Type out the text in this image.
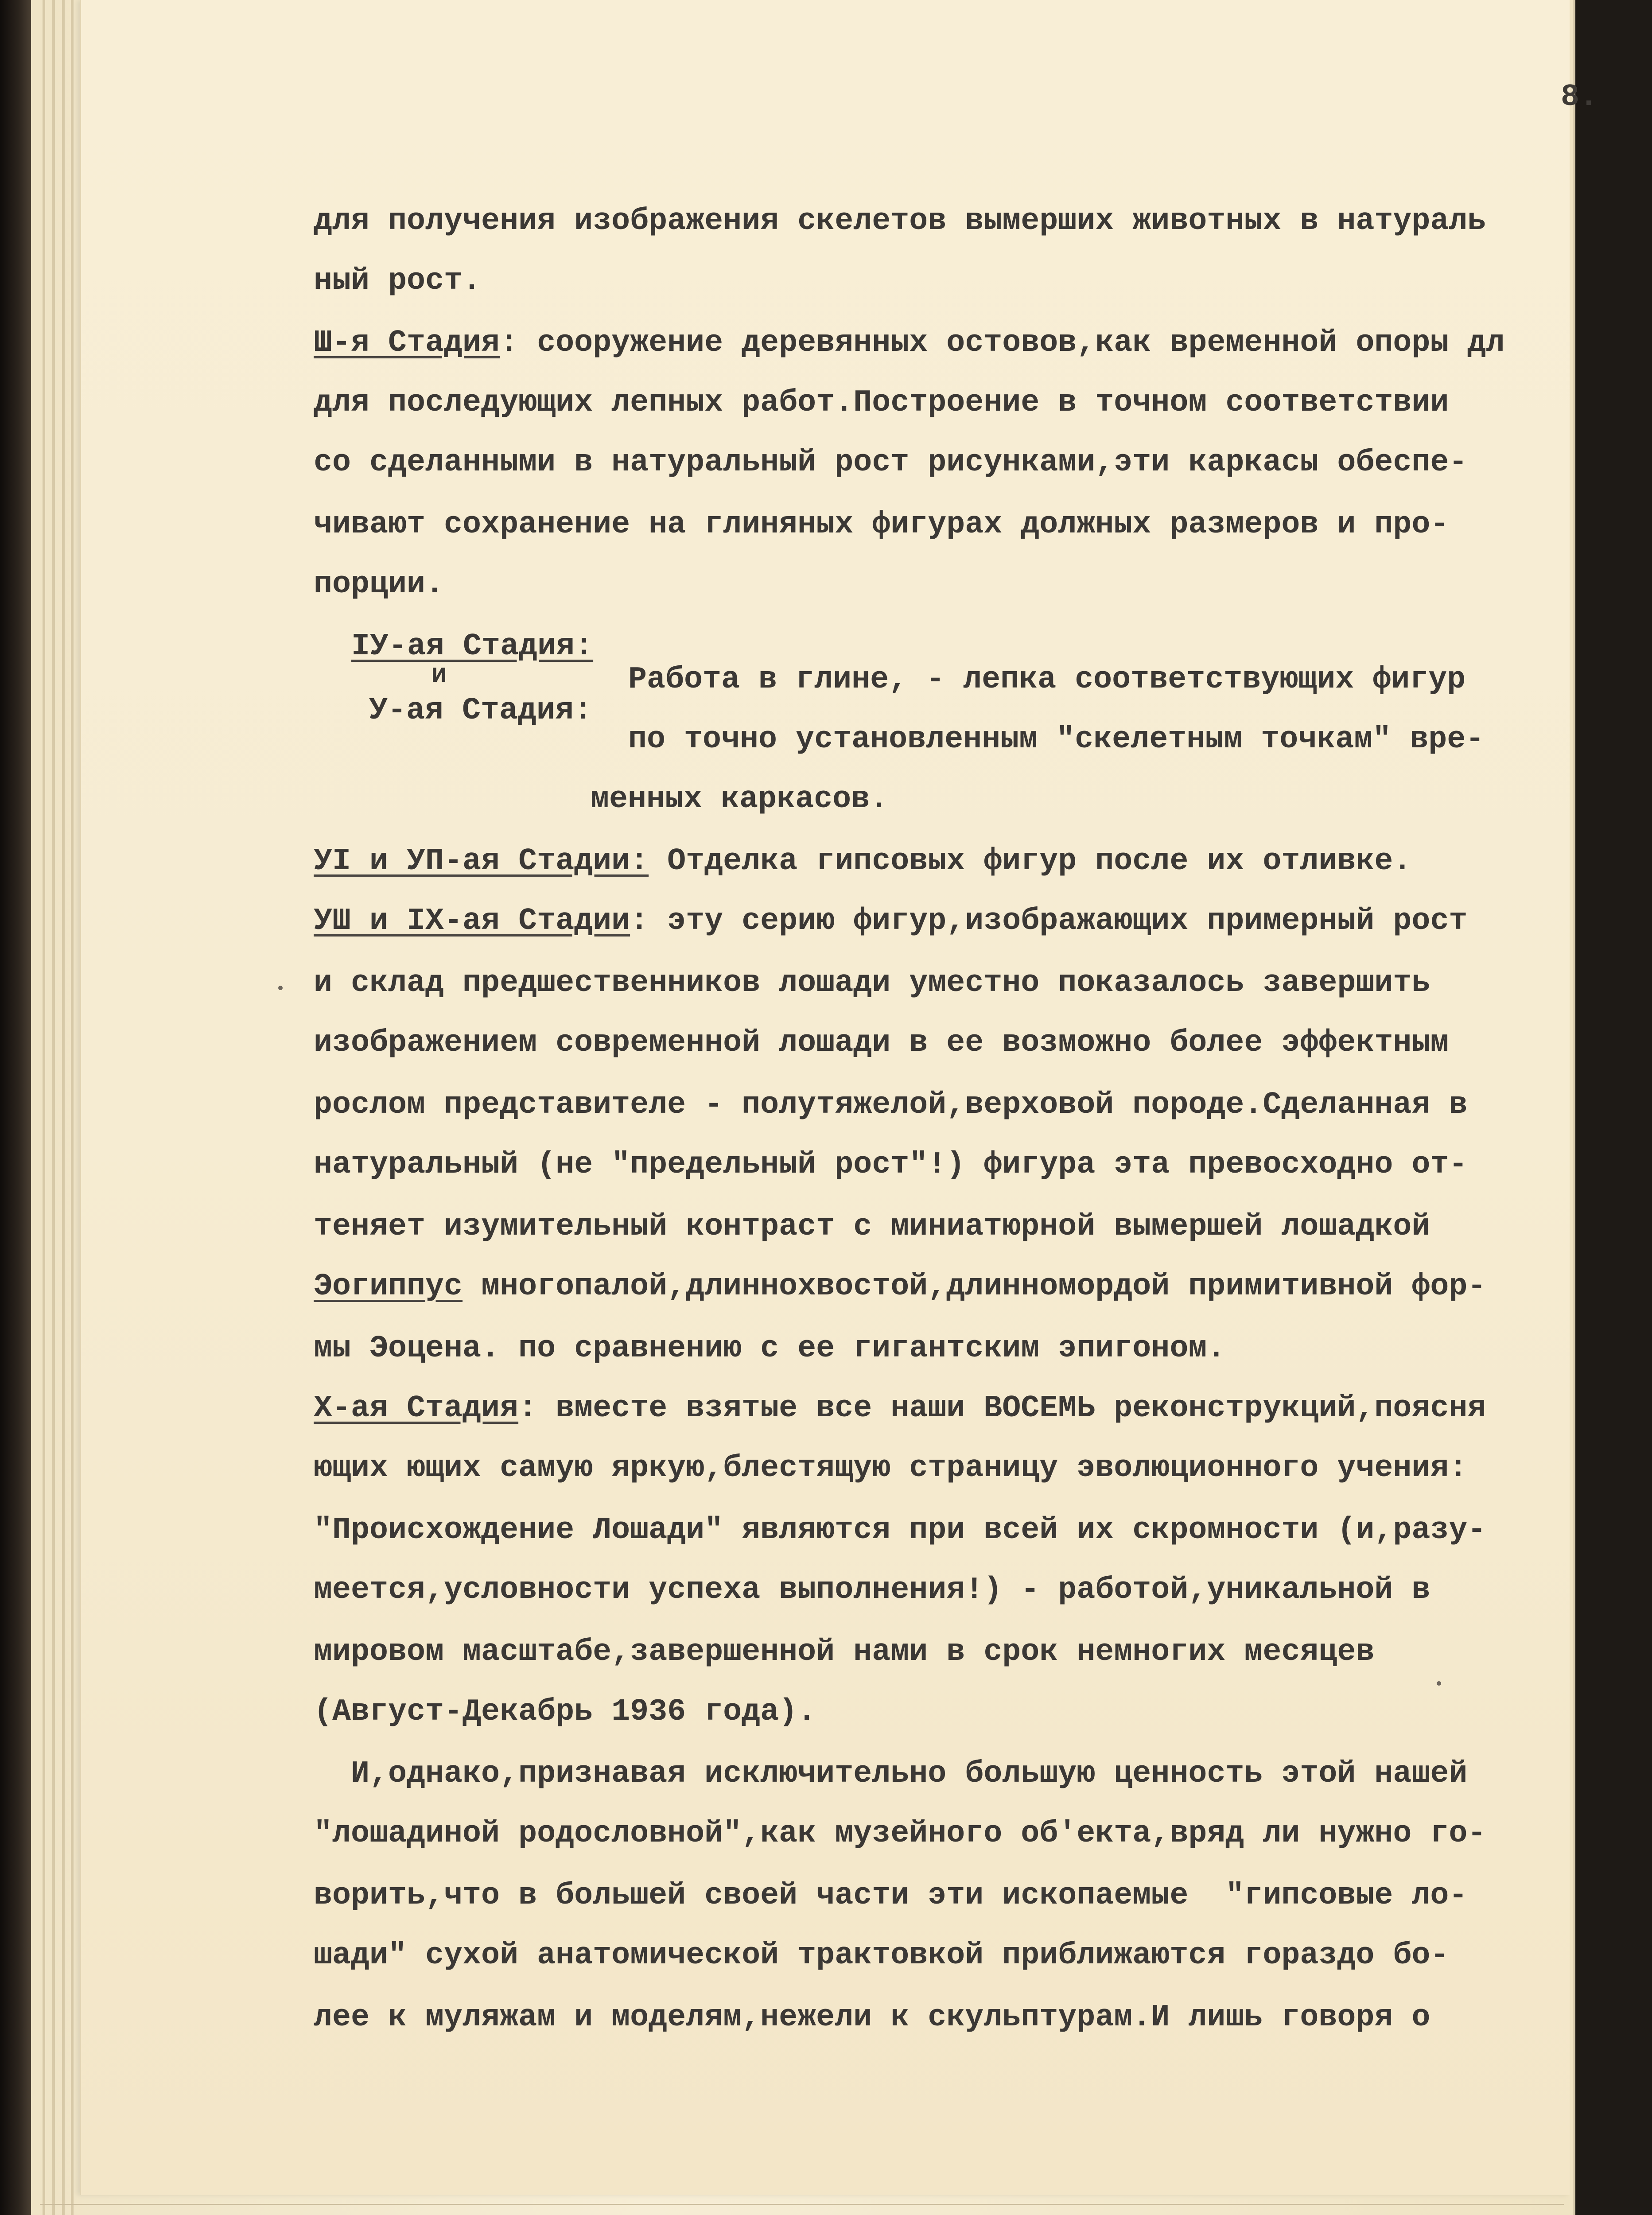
8.
для получения изображения скелетов вымерших животных в натураль
ный рост.
Ш-я Стадия: сооружение деревянных остовов,как временной опоры дл
для последующих лепных работ.Построение в точном соответствии
со сделанными в натуральный рост рисунками,эти каркасы обеспе-
чивают сохранение на глиняных фигурах должных размеров и про-
порции.
IУ-ая Стадия:
и
У-ая Стадия:
Работа в глине, - лепка соответствующих фигур
по точно установленным "скелетным точкам" вре-
менных каркасов.
УI и УП-ая Стадии: Отделка гипсовых фигур после их отливке.
УШ и IХ-ая Стадии: эту серию фигур,изображающих примерный рост
и склад предшественников лошади уместно показалось завершить
изображением современной лошади в ее возможно более эффектным
рослом представителе - полутяжелой,верховой породе.Сделанная в
натуральный (не "предельный рост"!) фигура эта превосходно от-
теняет изумительный контраст с миниатюрной вымершей лошадкой
Эогиппус многопалой,длиннохвостой,длинномордой примитивной фор-
мы Эоцена. по сравнению с ее гигантским эпигоном.
Х-ая Стадия: вместе взятые все наши ВОСЕМЬ реконструкций,поясня
ющих ющих самую яркую,блестящую страницу эволюционного учения:
"Происхождение Лошади" являются при всей их скромности (и,разу-
меется,условности успеха выполнения!) - работой,уникальной в
мировом масштабе,завершенной нами в срок немногих месяцев
(Август-Декабрь 1936 года).
И,однако,признавая исключительно большую ценность этой нашей
"лошадиной родословной",как музейного об'екта,вряд ли нужно го-
ворить,что в большей своей части эти ископаемые  "гипсовые ло-
шади" сухой анатомической трактовкой приближаются гораздо бо-
лее к муляжам и моделям,нежели к скульптурам.И лишь говоря о
